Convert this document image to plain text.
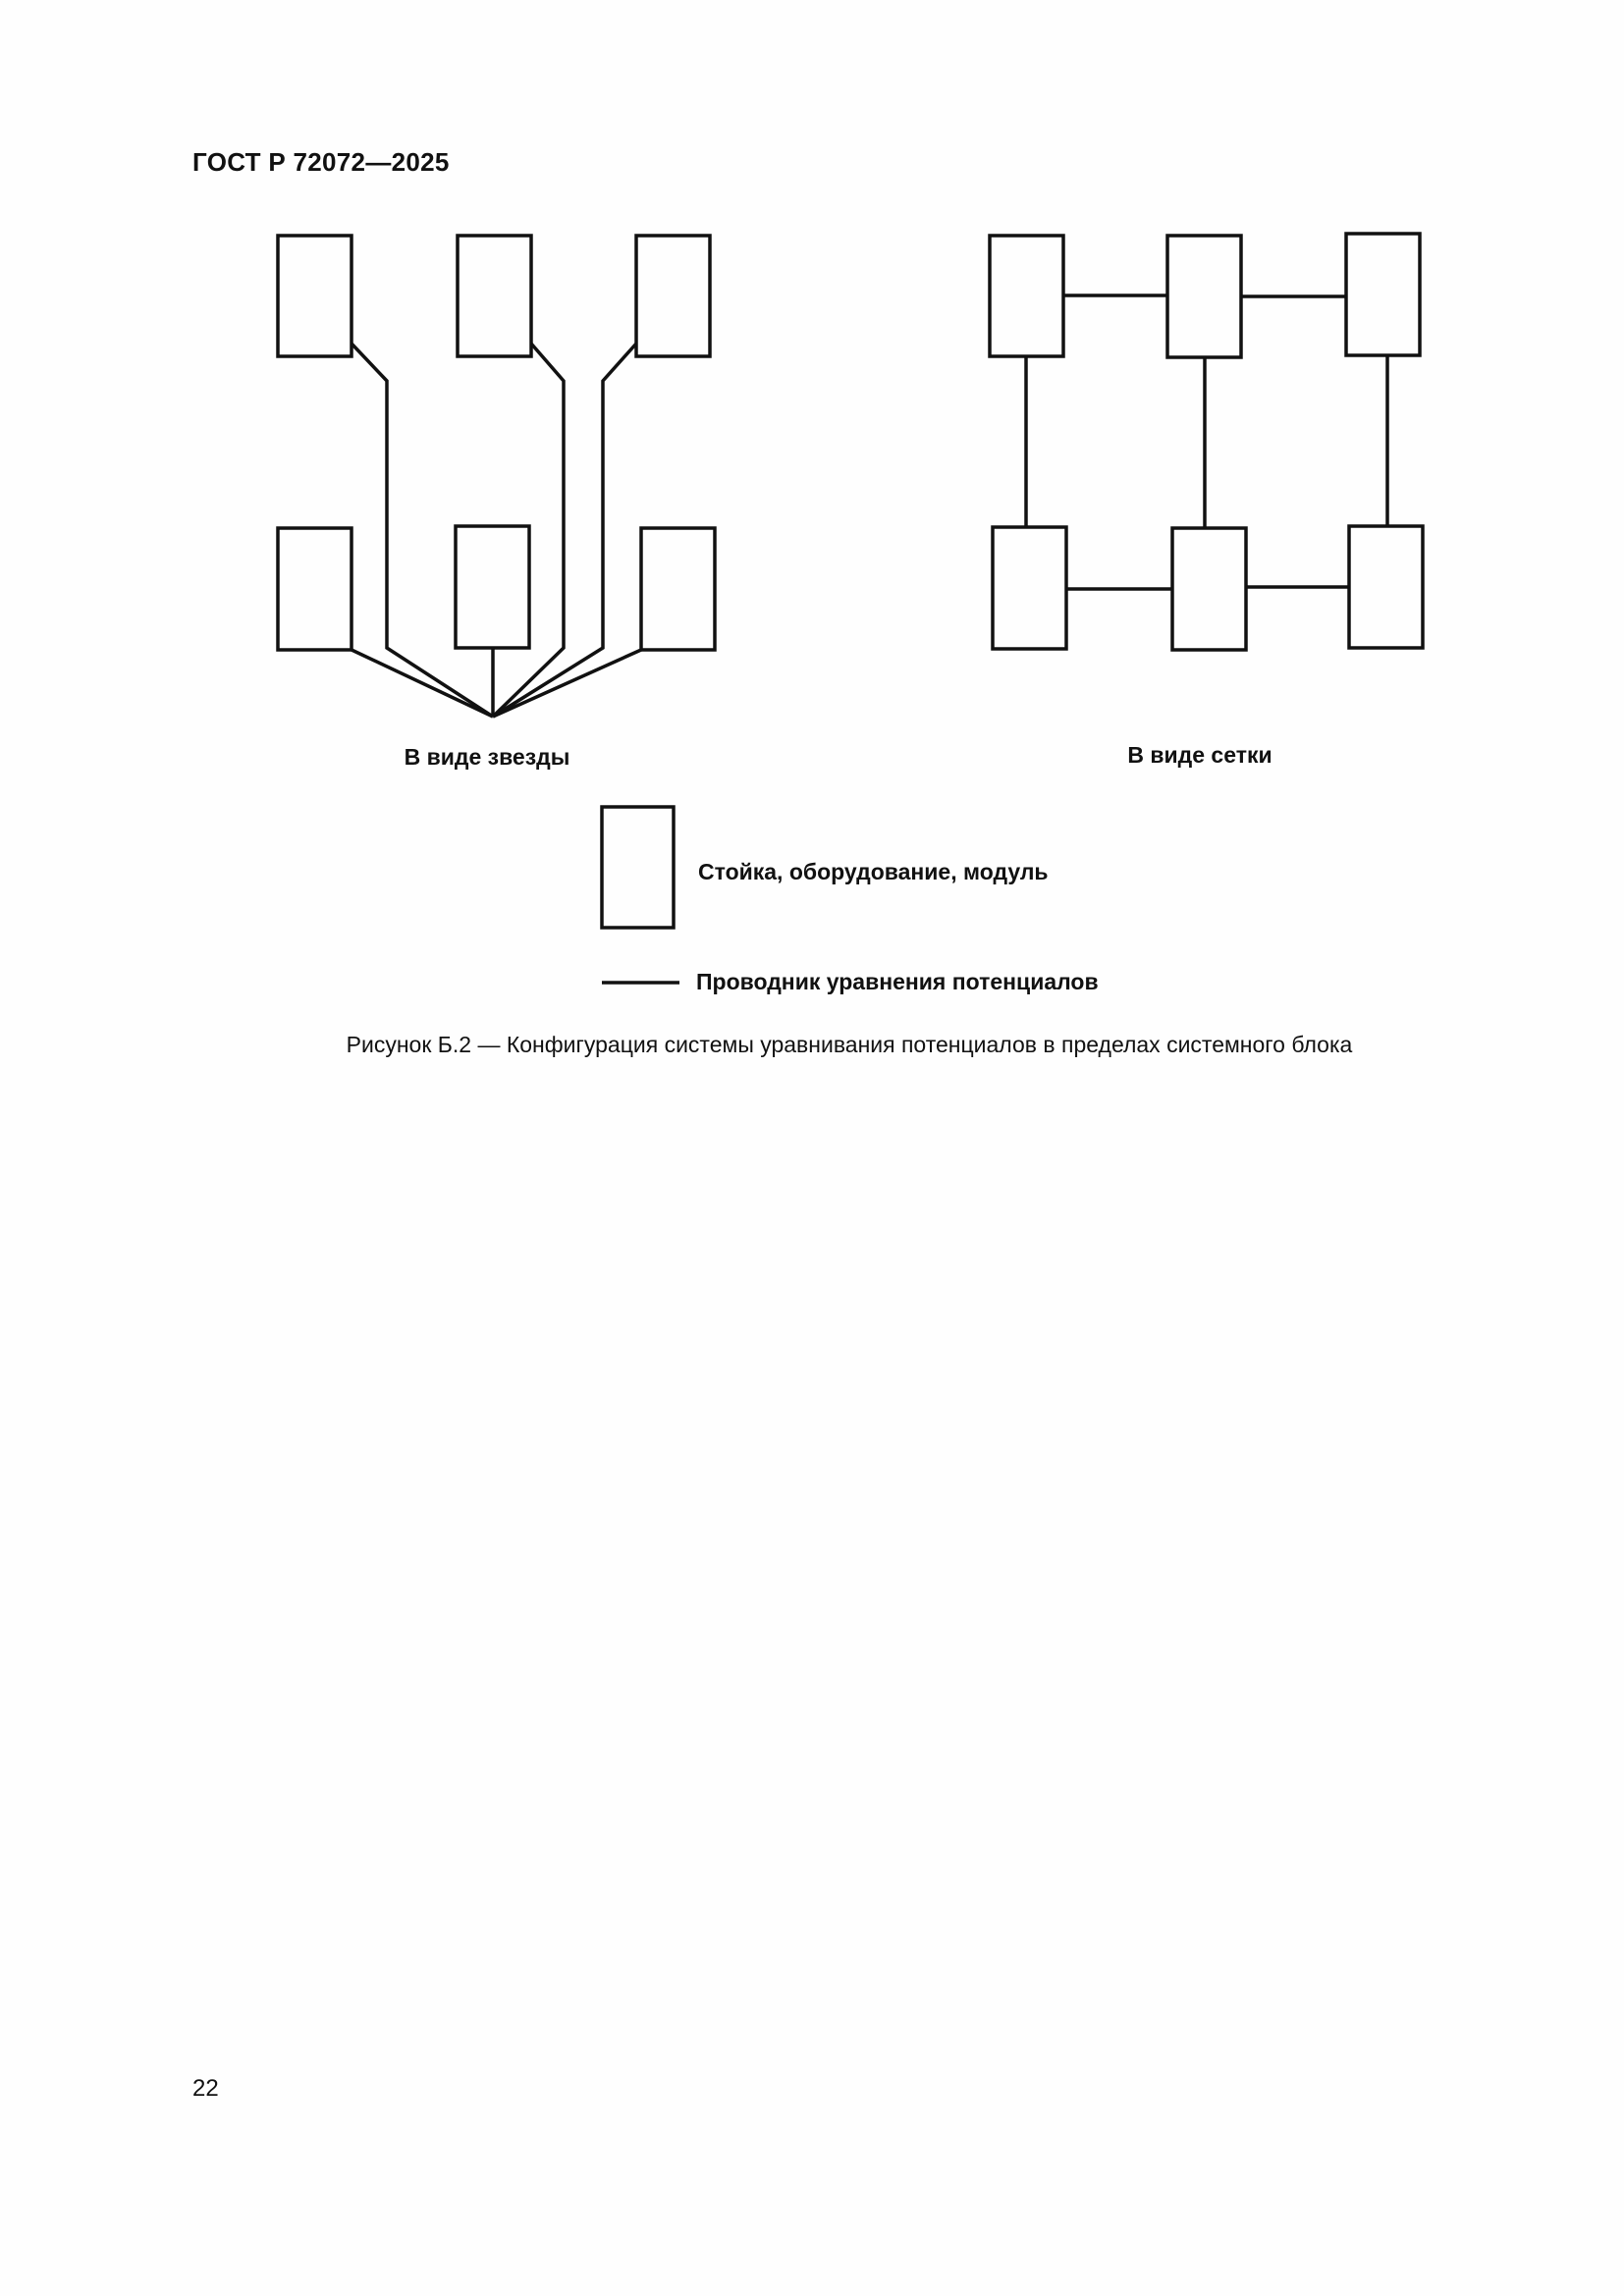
ГОСТ Р 72072—2025
В виде звезды	В виде сетки
Стойка, оборудование, модуль
Проводник уравнения потенциалов
Рисунок Б.2 — Конфигурация системы уравнивания потенциалов в пределах системного блока
22
